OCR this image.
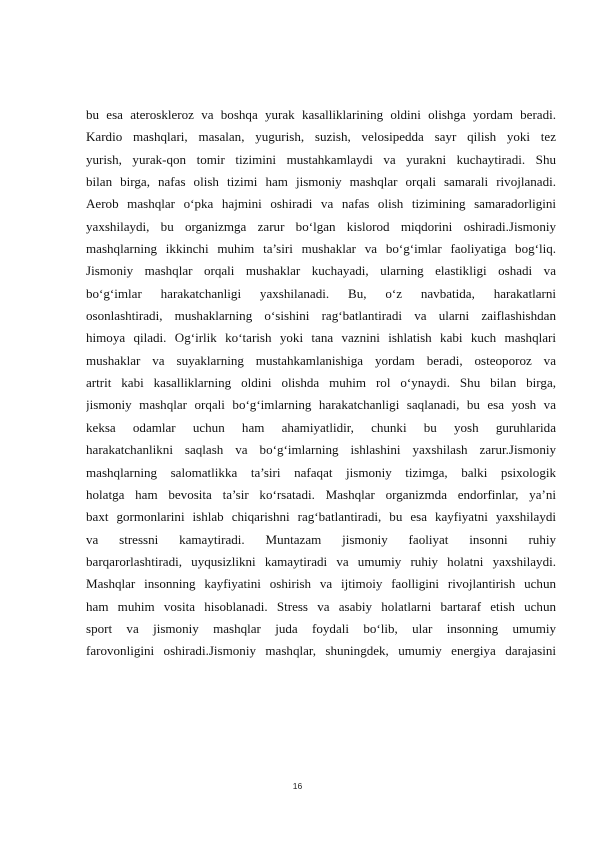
bu esa ateroskleroz va boshqa yurak kasalliklarining oldini olishga yordam beradi.
Kardio mashqlari, masalan, yugurish, suzish, velosipedda sayr qilish yoki tez
yurish, yurak-qon tomir tizimini mustahkamlaydi va yurakni kuchaytiradi. Shu
bilan birga, nafas olish tizimi ham jismoniy mashqlar orqali samarali rivojlanadi.
Aerob mashqlar o‘pka hajmini oshiradi va nafas olish tizimining samaradorligini
yaxshilaydi, bu organizmga zarur bo‘lgan kislorod miqdorini oshiradi.Jismoniy
mashqlarning ikkinchi muhim ta’siri mushaklar va bo‘g‘imlar faoliyatiga bog‘liq.
Jismoniy mashqlar orqali mushaklar kuchayadi, ularning elastikligi oshadi va
bo‘g‘imlar harakatchanligi yaxshilanadi. Bu, o‘z navbatida, harakatlarni
osonlashtiradi, mushaklarning o‘sishini rag‘batlantiradi va ularni zaiflashishdan
himoya qiladi. Og‘irlik ko‘tarish yoki tana vaznini ishlatish kabi kuch mashqlari
mushaklar va suyaklarning mustahkamlanishiga yordam beradi, osteoporoz va
artrit kabi kasalliklarning oldini olishda muhim rol o‘ynaydi. Shu bilan birga,
jismoniy mashqlar orqali bo‘g‘imlarning harakatchanligi saqlanadi, bu esa yosh va
keksa odamlar uchun ham ahamiyatlidir, chunki bu yosh guruhlarida
harakatchanlikni saqlash va bo‘g‘imlarning ishlashini yaxshilash zarur.Jismoniy
mashqlarning salomatlikka ta’siri nafaqat jismoniy tizimga, balki psixologik
holatga ham bevosita ta’sir ko‘rsatadi. Mashqlar organizmda endorfinlar, ya’ni
baxt gormonlarini ishlab chiqarishni rag‘batlantiradi, bu esa kayfiyatni yaxshilaydi
va stressni kamaytiradi. Muntazam jismoniy faoliyat insonni ruhiy
barqarorlashtiradi, uyqusizlikni kamaytiradi va umumiy ruhiy holatni yaxshilaydi.
Mashqlar insonning kayfiyatini oshirish va ijtimoiy faolligini rivojlantirish uchun
ham muhim vosita hisoblanadi. Stress va asabiy holatlarni bartaraf etish uchun
sport va jismoniy mashqlar juda foydali bo‘lib, ular insonning umumiy
farovonligini oshiradi.Jismoniy mashqlar, shuningdek, umumiy energiya darajasini
16
